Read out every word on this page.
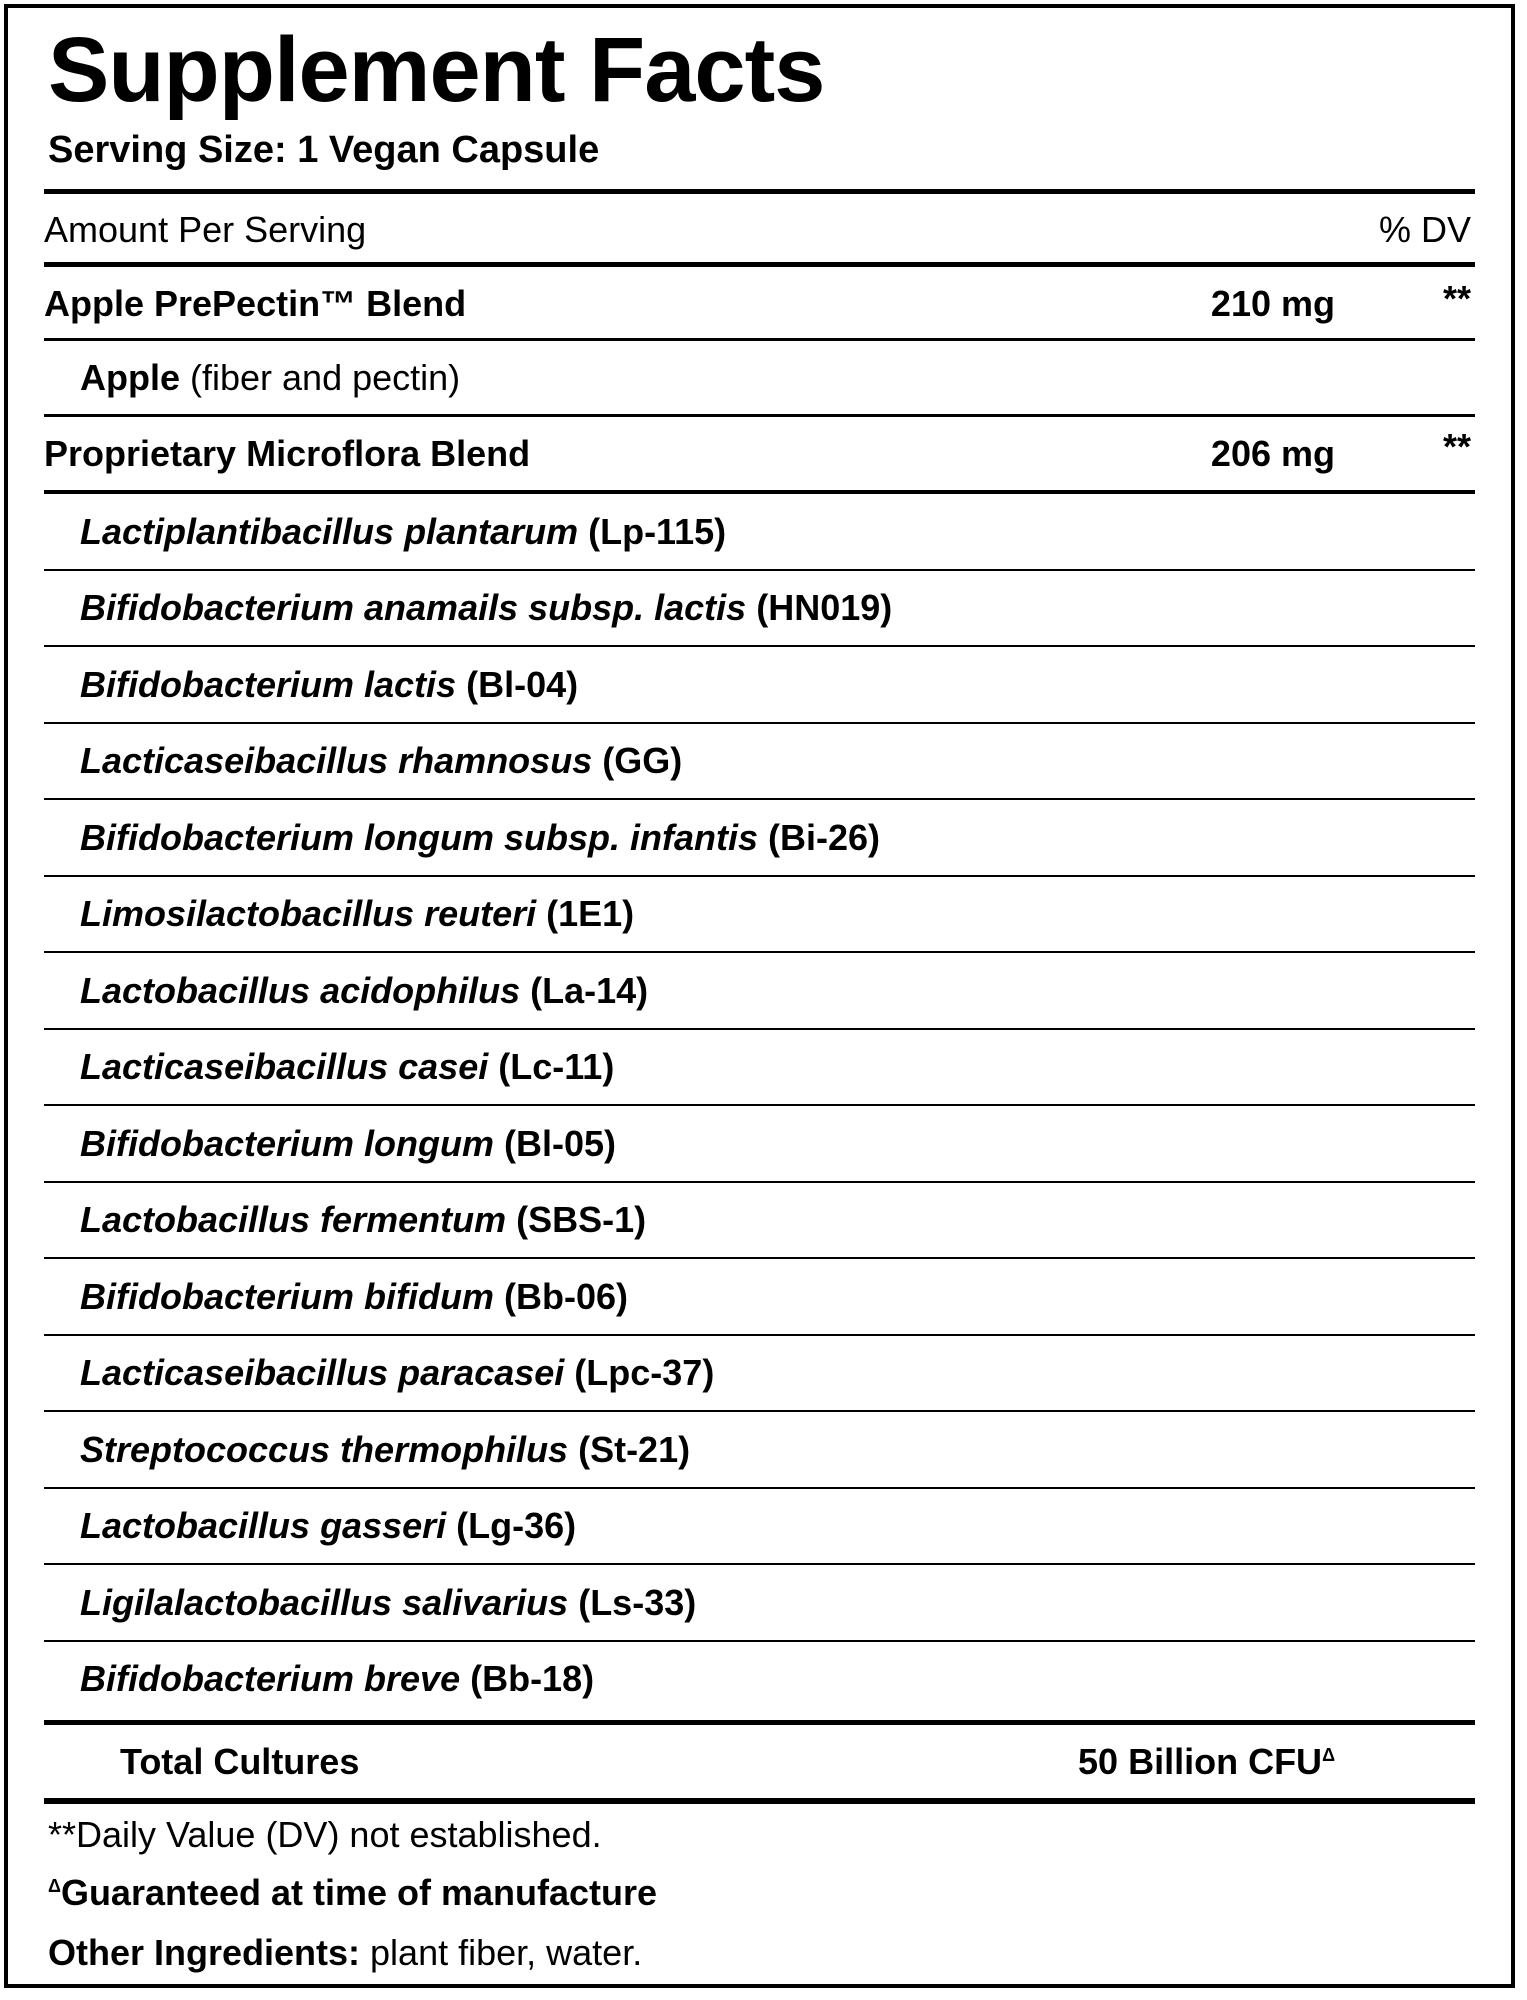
Supplement Facts
Serving Size: 1 Vegan Capsule
Amount Per Serving	% DV
Apple PrePectin™ Blend	210 mg	**
Apple (fiber and pectin)
Proprietary Microflora Blend	206 mg	**
Lactiplantibacillus plantarum (Lp-115)
Bifidobacterium anamails subsp. lactis (HN019)
Bifidobacterium lactis (Bl-04)
Lacticaseibacillus rhamnosus (GG)
Bifidobacterium longum subsp. infantis (Bi-26)
Limosilactobacillus reuteri (1E1)
Lactobacillus acidophilus (La-14)
Lacticaseibacillus casei (Lc-11)
Bifidobacterium longum (Bl-05)
Lactobacillus fermentum (SBS-1)
Bifidobacterium bifidum (Bb-06)
Lacticaseibacillus paracasei (Lpc-37)
Streptococcus thermophilus (St-21)
Lactobacillus gasseri (Lg-36)
Ligilalactobacillus salivarius (Ls-33)
Bifidobacterium breve (Bb-18)
Total Cultures	50 Billion $CFU^\Delta$
**Daily Value (DV) not established.
$^\Delta$Guaranteed at time of manufacture
Other Ingredients: plant fiber, water.
